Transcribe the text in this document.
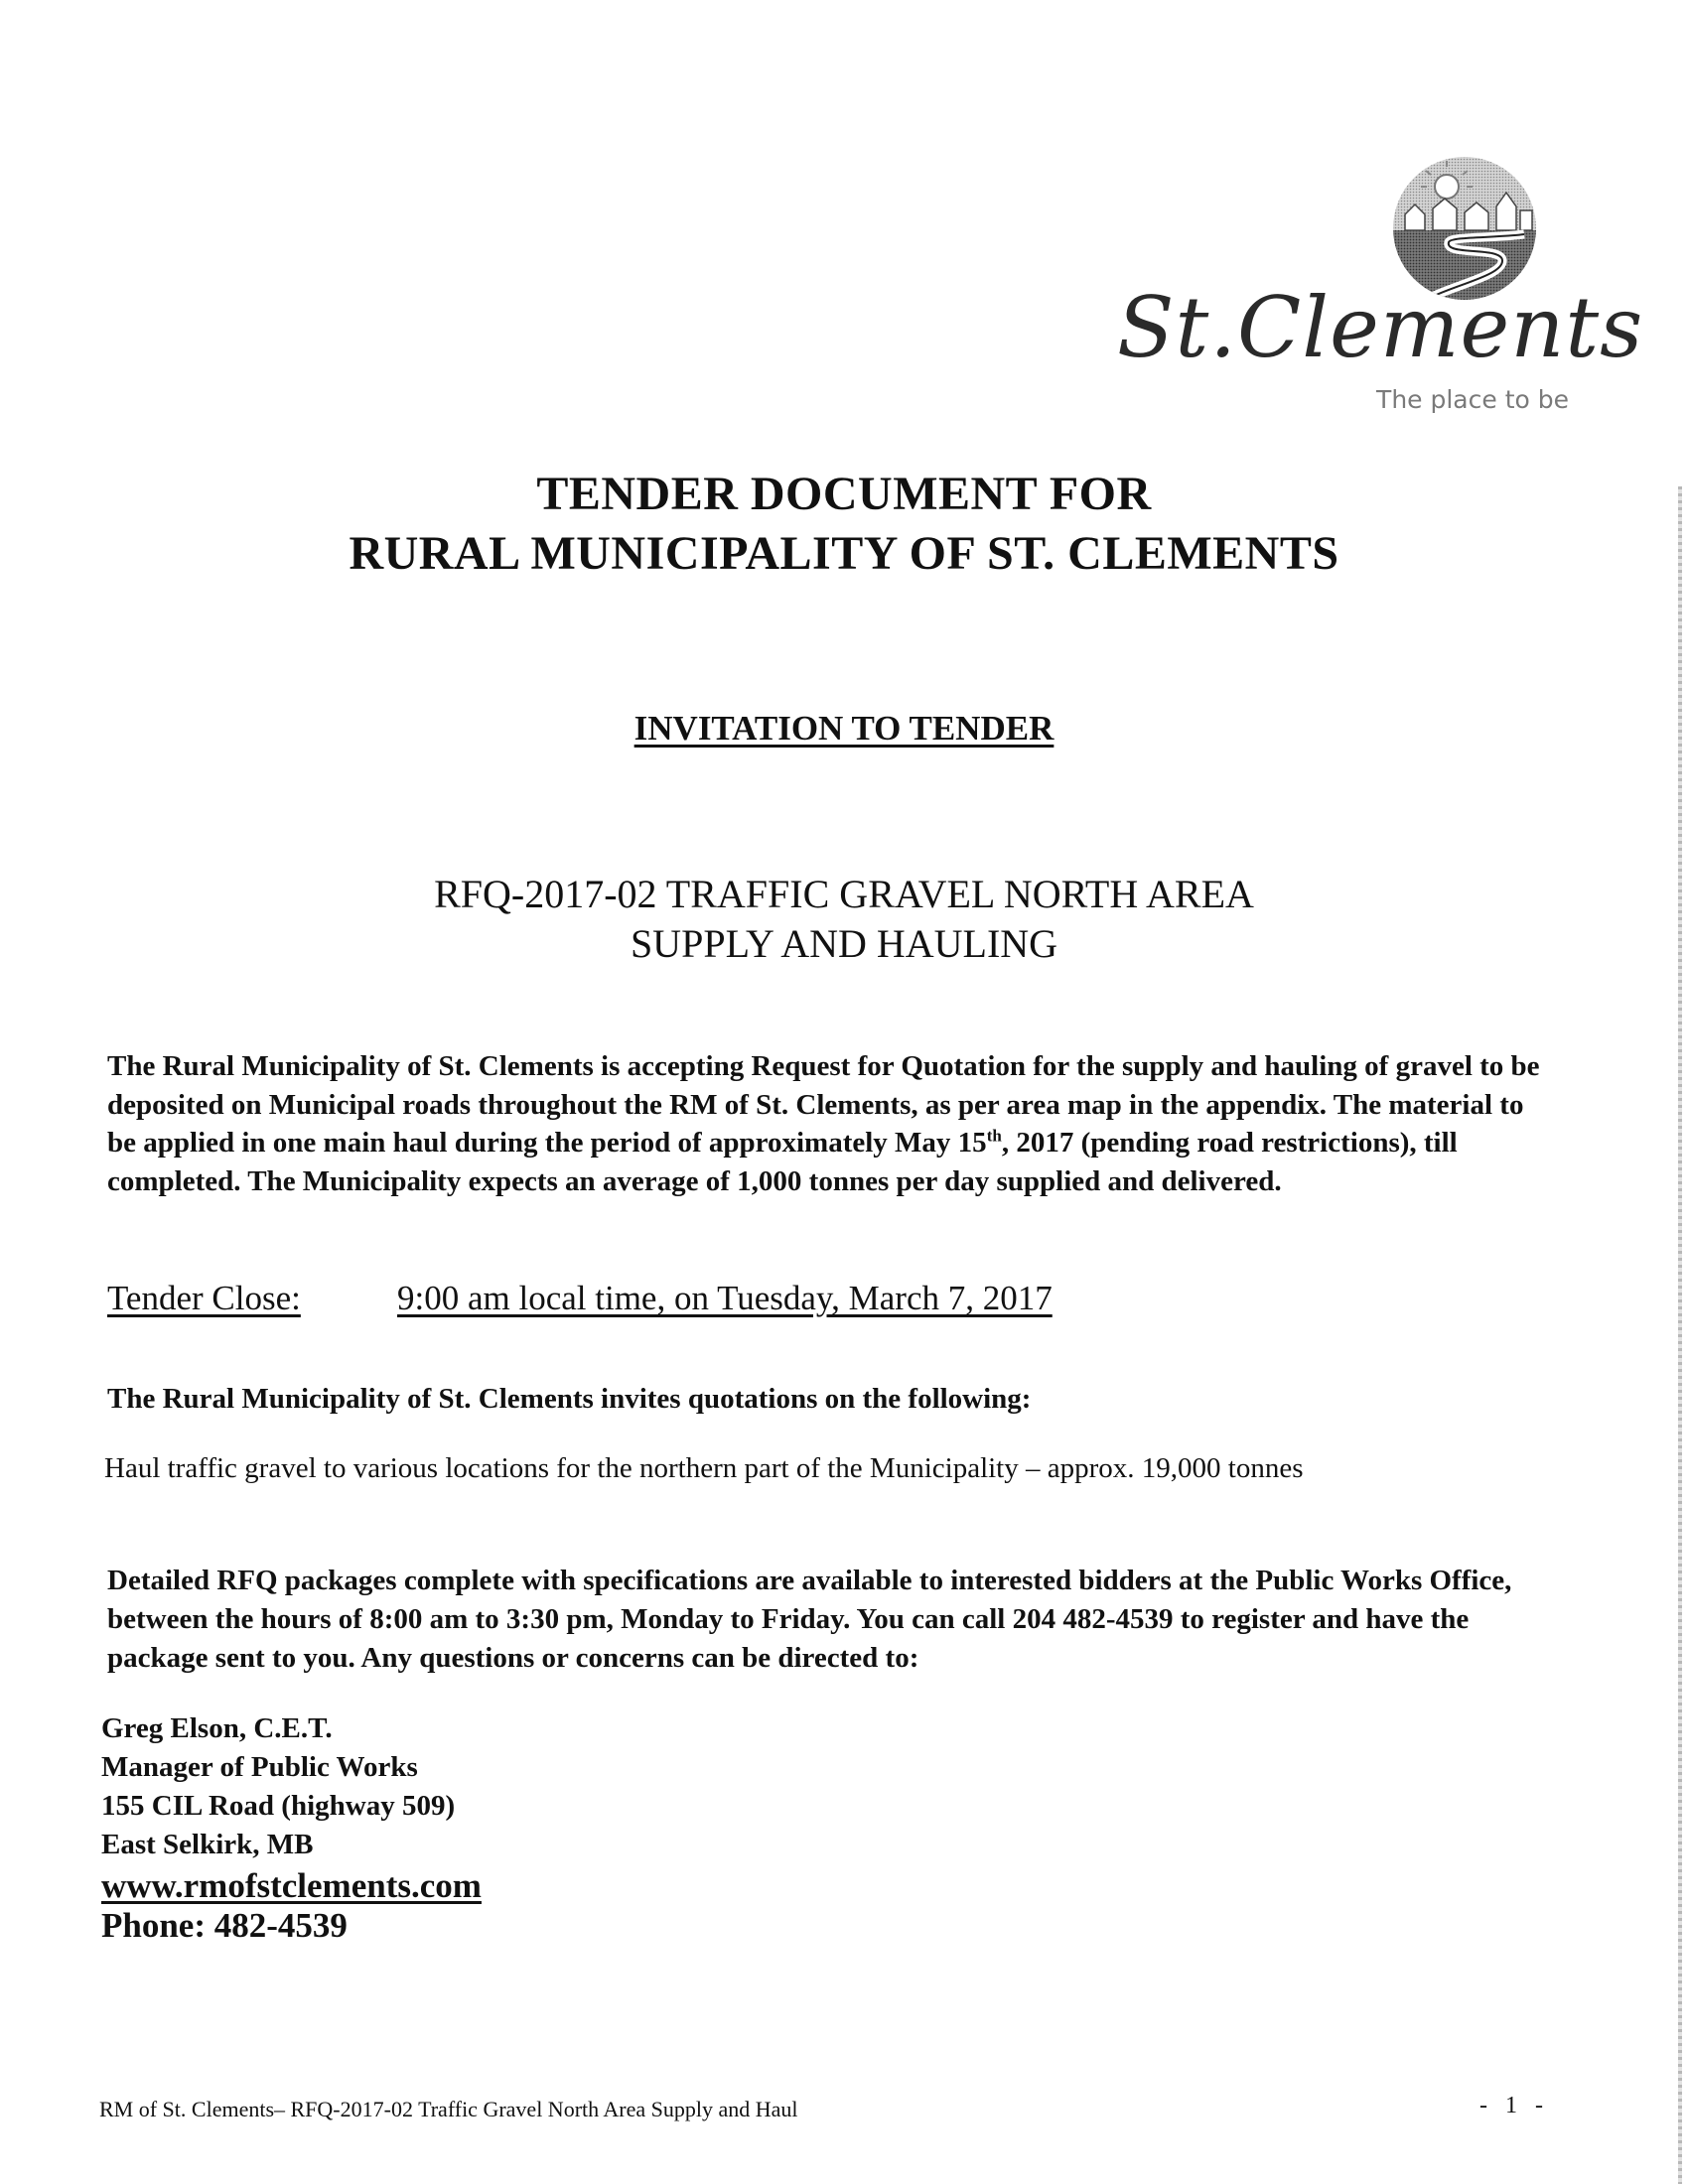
St.Clements
The place to be
TENDER DOCUMENT FOR
RURAL MUNICIPALITY OF ST. CLEMENTS
INVITATION TO TENDER
RFQ-2017-02 TRAFFIC GRAVEL NORTH AREA
SUPPLY AND HAULING
The Rural Municipality of St. Clements is accepting Request for Quotation for the supply and hauling of gravel to be deposited on Municipal roads throughout the RM of St. Clements, as per area map in the appendix. The material to be applied in one main haul during the period of approximately May 15th, 2017 (pending road restrictions), till completed. The Municipality expects an average of 1,000 tonnes per day supplied and delivered.
Tender Close:	9:00 am local time, on Tuesday, March 7, 2017
The Rural Municipality of St. Clements invites quotations on the following:
Haul traffic gravel to various locations for the northern part of the Municipality – approx. 19,000 tonnes
Detailed RFQ packages complete with specifications are available to interested bidders at the Public Works Office, between the hours of 8:00 am to 3:30 pm, Monday to Friday. You can call 204 482-4539 to register and have the package sent to you. Any questions or concerns can be directed to:
Greg Elson, C.E.T.
Manager of Public Works
155 CIL Road (highway 509)
East Selkirk, MB
www.rmofstclements.com
Phone: 482-4539
RM of St. Clements– RFQ-2017-02 Traffic Gravel North Area Supply and Haul	- 1 -
